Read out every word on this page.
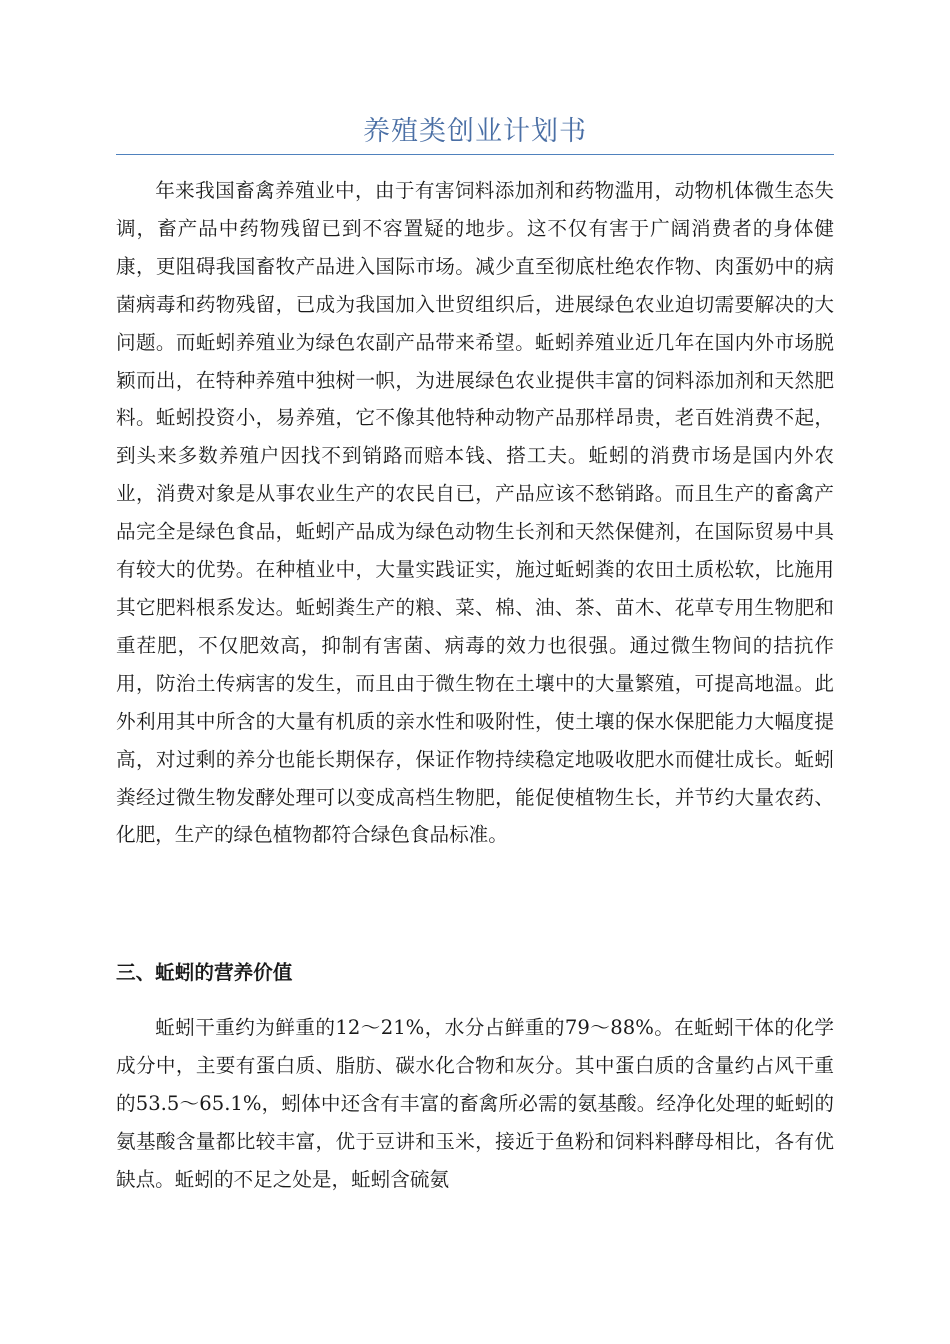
养殖类创业计划书

年来我国畜禽养殖业中，由于有害饲料添加剂和药物滥用，动物机体微生态失调，畜产品中药物残留已到不容置疑的地步。这不仅有害于广阔消费者的身体健康，更阻碍我国畜牧产品进入国际市场。减少直至彻底杜绝农作物、肉蛋奶中的病菌病毒和药物残留，已成为我国加入世贸组织后，进展绿色农业迫切需要解决的大问题。而蚯蚓养殖业为绿色农副产品带来希望。蚯蚓养殖业近几年在国内外市场脱颖而出，在特种养殖中独树一帜，为进展绿色农业提供丰富的饲料添加剂和天然肥料。蚯蚓投资小，易养殖，它不像其他特种动物产品那样昂贵，老百姓消费不起，到头来多数养殖户因找不到销路而赔本钱、搭工夫。蚯蚓的消费市场是国内外农业，消费对象是从事农业生产的农民自已，产品应该不愁销路。而且生产的畜禽产品完全是绿色食品，蚯蚓产品成为绿色动物生长剂和天然保健剂，在国际贸易中具有较大的优势。在种植业中，大量实践证实，施过蚯蚓粪的农田土质松软，比施用其它肥料根系发达。蚯蚓粪生产的粮、菜、棉、油、茶、苗木、花草专用生物肥和重茬肥，不仅肥效高，抑制有害菌、病毒的效力也很强。通过微生物间的拮抗作用，防治土传病害的发生，而且由于微生物在土壤中的大量繁殖，可提高地温。此外利用其中所含的大量有机质的亲水性和吸附性，使土壤的保水保肥能力大幅度提高，对过剩的养分也能长期保存，保证作物持续稳定地吸收肥水而健壮成长。蚯蚓粪经过微生物发酵处理可以变成高档生物肥，能促使植物生长，并节约大量农药、化肥，生产的绿色植物都符合绿色食品标准。

三、蚯蚓的营养价值

蚯蚓干重约为鲜重的12～21%，水分占鲜重的79～88%。在蚯蚓干体的化学成分中，主要有蛋白质、脂肪、碳水化合物和灰分。其中蛋白质的含量约占风干重的53.5～65.1%，蚓体中还含有丰富的畜禽所必需的氨基酸。经净化处理的蚯蚓的氨基酸含量都比较丰富，优于豆讲和玉米，接近于鱼粉和饲料料酵母相比，各有优缺点。蚯蚓的不足之处是，蚯蚓含硫氨
